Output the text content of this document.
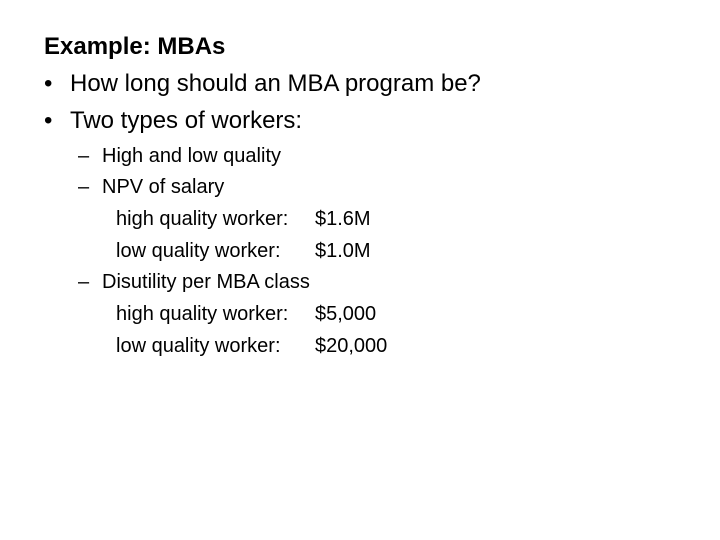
Example: MBAs
• How long should an MBA program be?
• Two types of workers:
– High and low quality
– NPV of salary
high quality worker: $1.6M
low quality worker: $1.0M
– Disutility per MBA class
high quality worker: $5,000
low quality worker: $20,000
